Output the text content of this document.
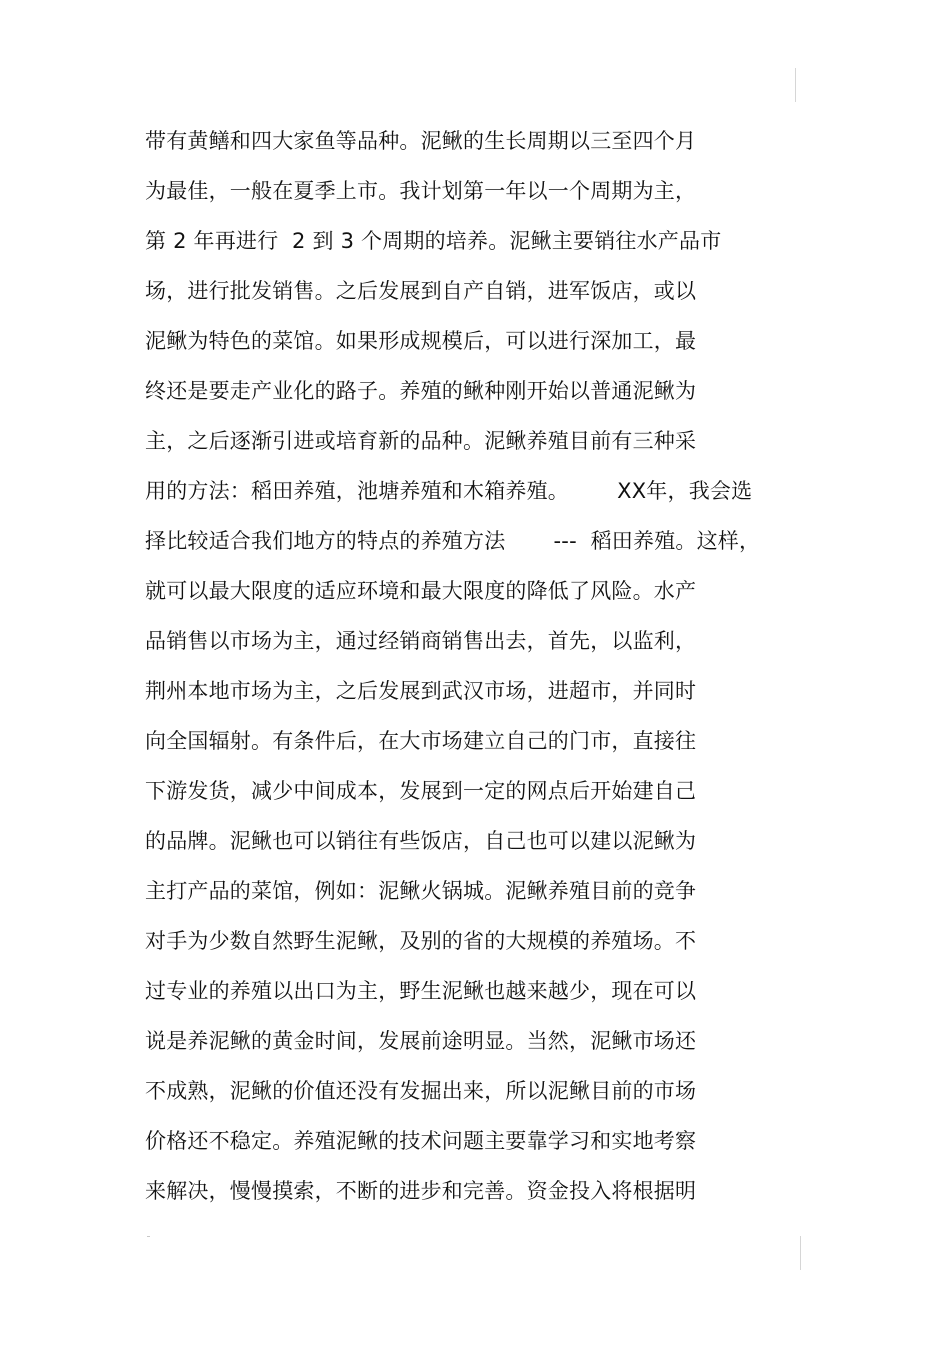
带有黄鳝和四大家鱼等品种。泥鳅的生长周期以三至四个月
为最佳，一般在夏季上市。我计划第一年以一个周期为主，
第 2 年再进行  2 到 3 个周期的培养。泥鳅主要销往水产品市
场，进行批发销售。之后发展到自产自销，进军饭店，或以
泥鳅为特色的菜馆。如果形成规模后，可以进行深加工，最
终还是要走产业化的路子。养殖的鳅种刚开始以普通泥鳅为
主，之后逐渐引进或培育新的品种。泥鳅养殖目前有三种采
用的方法：稻田养殖，池塘养殖和木箱养殖。       XX年，我会选
择比较适合我们地方的特点的养殖方法       ---  稻田养殖。这样，
就可以最大限度的适应环境和最大限度的降低了风险。水产
品销售以市场为主，通过经销商销售出去，首先，以监利，
荆州本地市场为主，之后发展到武汉市场，进超市，并同时
向全国辐射。有条件后，在大市场建立自己的门市，直接往
下游发货，减少中间成本，发展到一定的网点后开始建自己
的品牌。泥鳅也可以销往有些饭店，自己也可以建以泥鳅为
主打产品的菜馆，例如：泥鳅火锅城。泥鳅养殖目前的竞争
对手为少数自然野生泥鳅，及别的省的大规模的养殖场。不
过专业的养殖以出口为主，野生泥鳅也越来越少，现在可以
说是养泥鳅的黄金时间，发展前途明显。当然，泥鳅市场还
不成熟，泥鳅的价值还没有发掘出来，所以泥鳅目前的市场
价格还不稳定。养殖泥鳅的技术问题主要靠学习和实地考察
来解决，慢慢摸索，不断的进步和完善。资金投入将根据明
